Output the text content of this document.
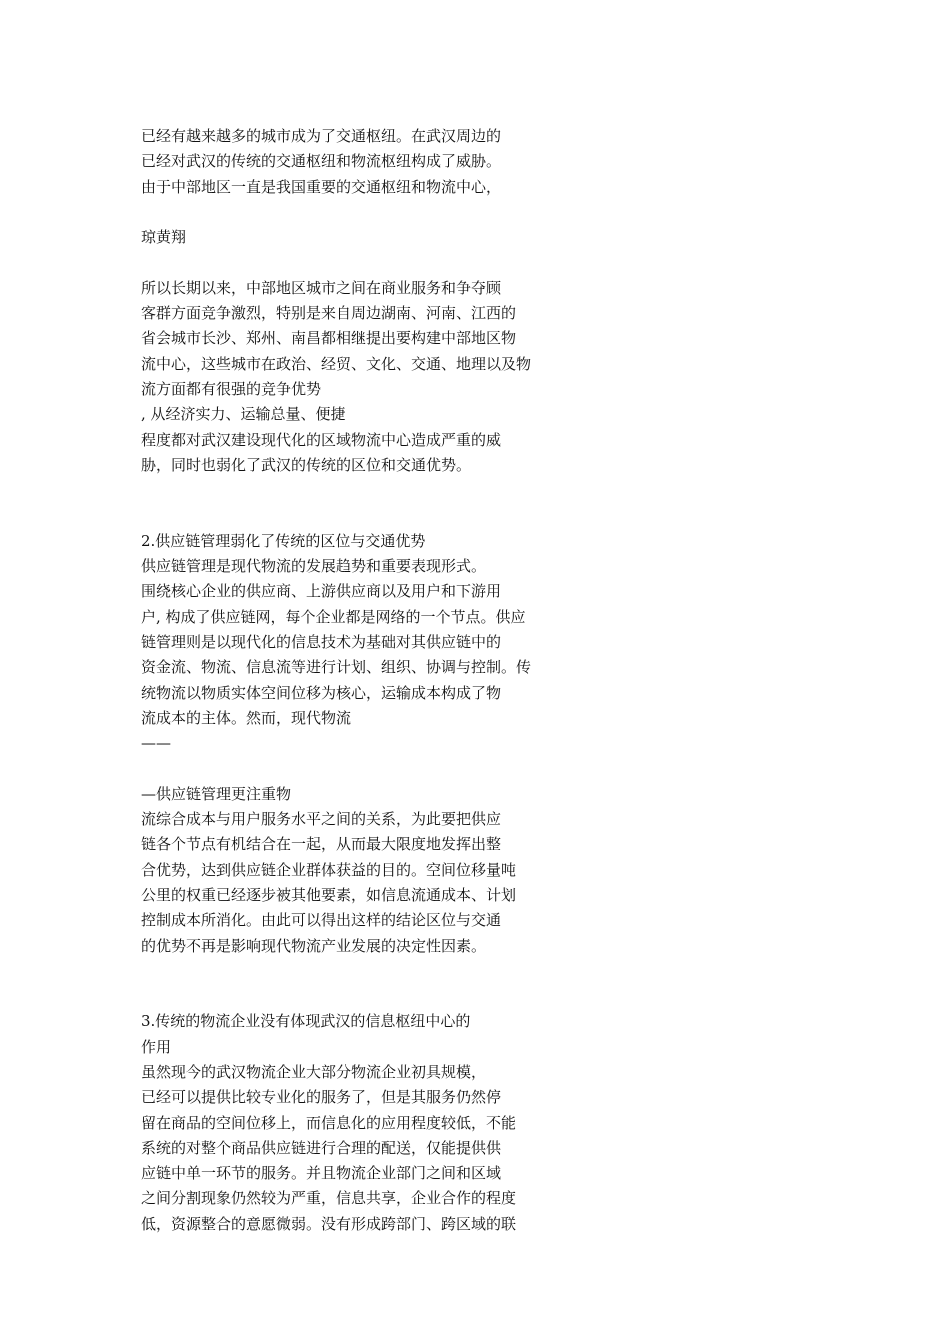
已经有越来越多的城市成为了交通枢纽。在武汉周边的
已经对武汉的传统的交通枢纽和物流枢纽构成了威胁。
由于中部地区一直是我国重要的交通枢纽和物流中心，
琼黄翔
所以长期以来，中部地区城市之间在商业服务和争夺顾
客群方面竞争激烈，特别是来自周边湖南、河南、江西的
省会城市长沙、郑州、南昌都相继提出要构建中部地区物
流中心，这些城市在政治、经贸、文化、交通、地理以及物
流方面都有很强的竞争优势
, 从经济实力、运输总量、便捷
程度都对武汉建设现代化的区域物流中心造成严重的威
胁，同时也弱化了武汉的传统的区位和交通优势。
2.供应链管理弱化了传统的区位与交通优势
供应链管理是现代物流的发展趋势和重要表现形式。
围绕核心企业的供应商、上游供应商以及用户和下游用
户, 构成了供应链网，每个企业都是网络的一个节点。供应
链管理则是以现代化的信息技术为基础对其供应链中的
资金流、物流、信息流等进行计划、组织、协调与控制。传
统物流以物质实体空间位移为核心，运输成本构成了物
流成本的主体。然而，现代物流
——
—供应链管理更注重物
流综合成本与用户服务水平之间的关系，为此要把供应
链各个节点有机结合在一起，从而最大限度地发挥出整
合优势，达到供应链企业群体获益的目的。空间位移量吨
公里的权重已经逐步被其他要素，如信息流通成本、计划
控制成本所消化。由此可以得出这样的结论区位与交通
的优势不再是影响现代物流产业发展的决定性因素。
3.传统的物流企业没有体现武汉的信息枢纽中心的
作用
虽然现今的武汉物流企业大部分物流企业初具规模，
已经可以提供比较专业化的服务了，但是其服务仍然停
留在商品的空间位移上，而信息化的应用程度较低，不能
系统的对整个商品供应链进行合理的配送，仅能提供供
应链中单一环节的服务。并且物流企业部门之间和区域
之间分割现象仍然较为严重，信息共享，企业合作的程度
低，资源整合的意愿微弱。没有形成跨部门、跨区域的联
